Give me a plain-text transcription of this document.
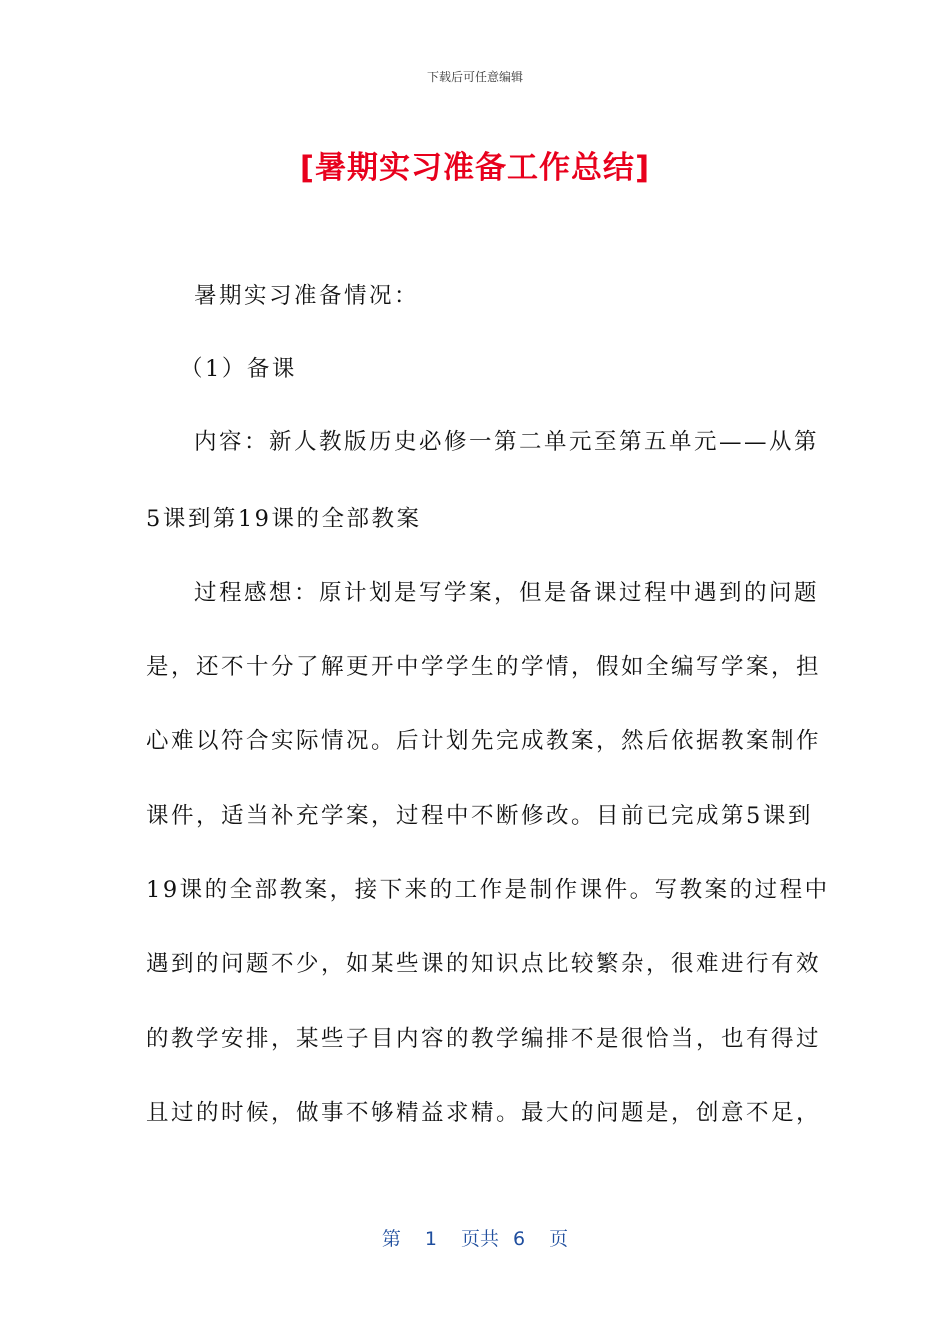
下载后可任意编辑
[暑期实习准备工作总结]
暑期实习准备情况：
（1）备课
内容：新人教版历史必修一第二单元至第五单元——从第
5课到第19课的全部教案
过程感想：原计划是写学案，但是备课过程中遇到的问题
是，还不十分了解更开中学学生的学情，假如全编写学案，担
心难以符合实际情况。后计划先完成教案，然后依据教案制作
课件，适当补充学案，过程中不断修改。目前已完成第5课到
19课的全部教案，接下来的工作是制作课件。写教案的过程中
遇到的问题不少，如某些课的知识点比较繁杂，很难进行有效
的教学安排，某些子目内容的教学编排不是很恰当，也有得过
且过的时候，做事不够精益求精。最大的问题是，创意不足，
第 1 页共 6 页
